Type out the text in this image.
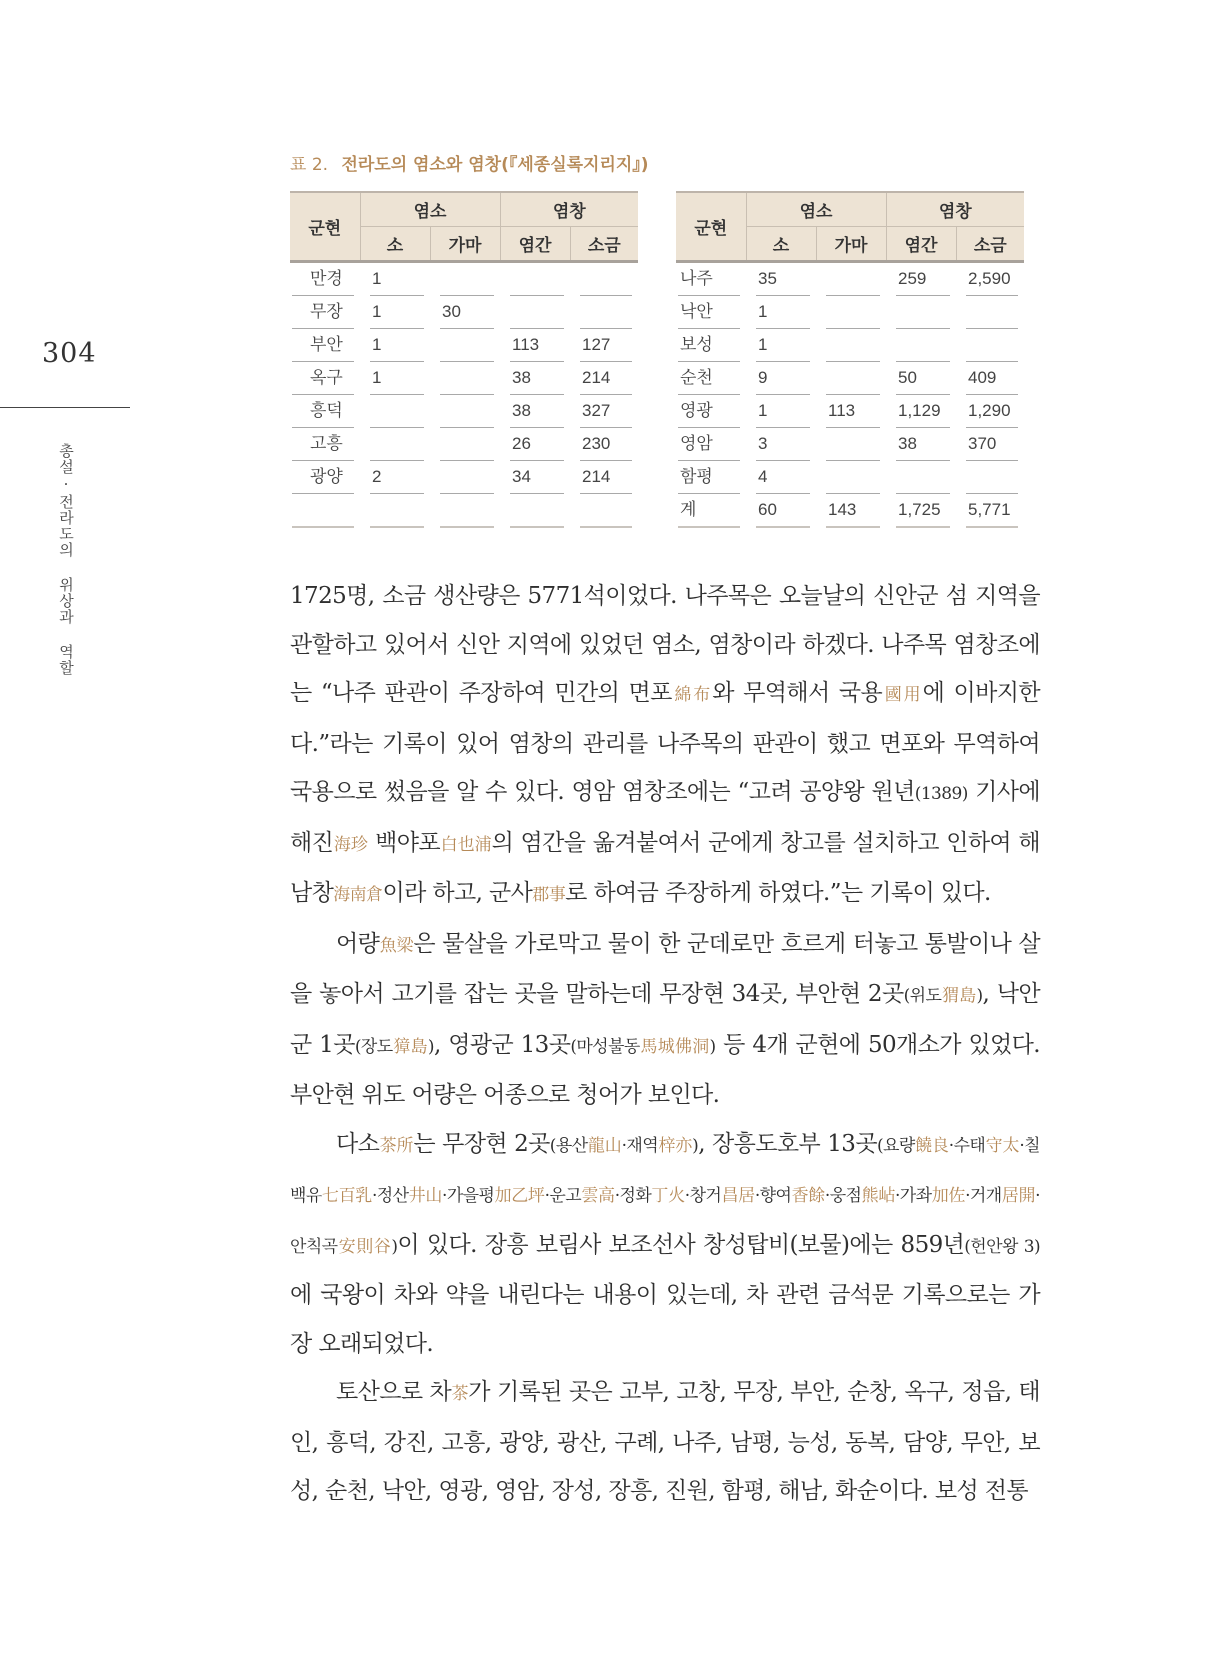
304
총설·전라도의 위상과 역할
표 2. 전라도의 염소와 염창(『세종실록지리지』)
군현	염소		염창	
	소	가마	염간	소금

만경	1			

무장	1	30		

부안	1		113	127

옥구	1		38	214

흥덕			38	327

고흥			26	230

광양	2		34	214

군현	염소		염창	
	소	가마	염간	소금

나주	35		259	2,590

낙안	1			

보성	1			

순천	9		50	409

영광	1	113	1,129	1,290

영암	3		38	370

함평	4			

계	60	143	1,725	5,771

1725명, 소금 생산량은 5771석이었다. 나주목은 오늘날의 신안군 섬 지역을 관할하고 있어서 신안 지역에 있었던 염소, 염창이라 하겠다. 나주목 염창조에는 “나주 판관이 주장하여 민간의 면포綿布와 무역해서 국용國用에 이바지한다.”라는 기록이 있어 염창의 관리를 나주목의 판관이 했고 면포와 무역하여 국용으로 썼음을 알 수 있다. 영암 염창조에는 “고려 공양왕 원년(1389) 기사에 해진海珍 백야포白也浦의 염간을 옮겨붙여서 군에게 창고를 설치하고 인하여 해남창海南倉이라 하고, 군사郡事로 하여금 주장하게 하였다.”는 기록이 있다.

어량魚梁은 물살을 가로막고 물이 한 군데로만 흐르게 터놓고 통발이나 살을 놓아서 고기를 잡는 곳을 말하는데 무장현 34곳, 부안현 2곳(위도猬島), 낙안군 1곳(장도獐島), 영광군 13곳(마성불동馬城佛洞) 등 4개 군현에 50개소가 있었다. 부안현 위도 어량은 어종으로 청어가 보인다.

다소茶所는 무장현 2곳(용산龍山·재역梓亦), 장흥도호부 13곳(요량饒良·수태守太·칠백유七百乳·정산井山·가을평加乙坪·운고雲高·정화丁火·창거昌居·향여香餘·웅점熊岾·가좌加佐·거개居開·안칙곡安則谷)이 있다. 장흥 보림사 보조선사 창성탑비(보물)에는 859년(헌안왕 3)에 국왕이 차와 약을 내린다는 내용이 있는데, 차 관련 금석문 기록으로는 가장 오래되었다.

토산으로 차茶가 기록된 곳은 고부, 고창, 무장, 부안, 순창, 옥구, 정읍, 태인, 흥덕, 강진, 고흥, 광양, 광산, 구례, 나주, 남평, 능성, 동복, 담양, 무안, 보성, 순천, 낙안, 영광, 영암, 장성, 장흥, 진원, 함평, 해남, 화순이다. 보성 전통
